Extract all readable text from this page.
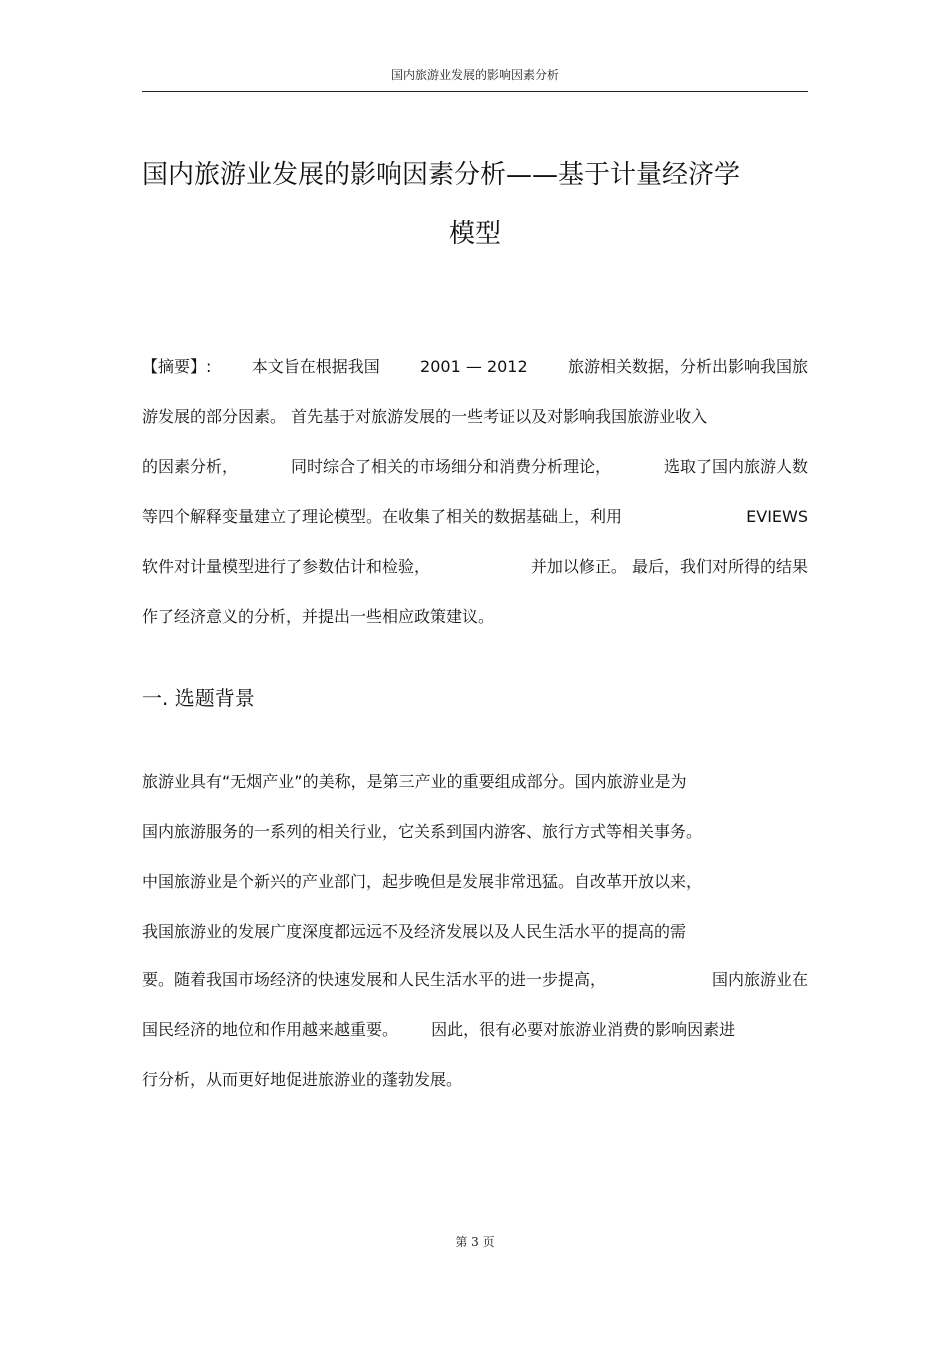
国内旅游业发展的影响因素分析
国内旅游业发展的影响因素分析——基于计量经济学
模型
【摘要】:	本文旨在根据我国	2001 — 2012	旅游相关数据，分析出影响我国旅
游发展的部分因素。 首先基于对旅游发展的一些考证以及对影响我国旅游业收入
的因素分析，	同时综合了相关的市场细分和消费分析理论，	选取了国内旅游人数
等四个解释变量建立了理论模型。在收集了相关的数据基础上，利用	EVIEWS
软件对计量模型进行了参数估计和检验，	并加以修正。 最后，我们对所得的结果
作了经济意义的分析，并提出一些相应政策建议。
一. 选题背景
旅游业具有“无烟产业”的美称，是第三产业的重要组成部分。国内旅游业是为
国内旅游服务的一系列的相关行业，它关系到国内游客、旅行方式等相关事务。
中国旅游业是个新兴的产业部门，起步晚但是发展非常迅猛。自改革开放以来，
我国旅游业的发展广度深度都远远不及经济发展以及人民生活水平的提高的需
要。随着我国市场经济的快速发展和人民生活水平的进一步提高，	国内旅游业在
国民经济的地位和作用越来越重要。 因此，很有必要对旅游业消费的影响因素进
行分析，从而更好地促进旅游业的蓬勃发展。
第 3 页
